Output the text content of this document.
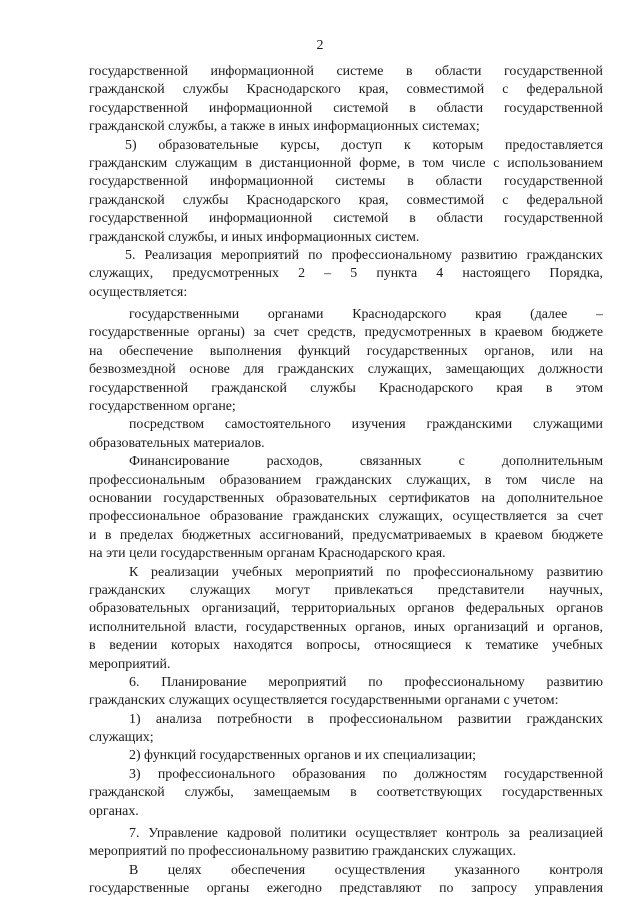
2
государственной информационной системе в области государственной
гражданской службы Краснодарского края, совместимой с федеральной
государственной информационной системой в области государственной
гражданской службы, а также в иных информационных системах;
5) образовательные курсы, доступ к которым предоставляется
гражданским служащим в дистанционной форме, в том числе с использованием
государственной информационной системы в области государственной
гражданской службы Краснодарского края, совместимой с федеральной
государственной информационной системой в области государственной
гражданской службы, и иных информационных систем.
5. Реализация мероприятий по профессиональному развитию гражданских
служащих, предусмотренных 2 – 5 пункта 4 настоящего Порядка,
осуществляется:
государственными органами Краснодарского края (далее –
государственные органы) за счет средств, предусмотренных в краевом бюджете
на обеспечение выполнения функций государственных органов, или на
безвозмездной основе для гражданских служащих, замещающих должности
государственной гражданской службы Краснодарского края в этом
государственном органе;
посредством самостоятельного изучения гражданскими служащими
образовательных материалов.
Финансирование расходов, связанных с дополнительным
профессиональным образованием гражданских служащих, в том числе на
основании государственных образовательных сертификатов на дополнительное
профессиональное образование гражданских служащих, осуществляется за счет
и в пределах бюджетных ассигнований, предусматриваемых в краевом бюджете
на эти цели государственным органам Краснодарского края.
К реализации учебных мероприятий по профессиональному развитию
гражданских служащих могут привлекаться представители научных,
образовательных организаций, территориальных органов федеральных органов
исполнительной власти, государственных органов, иных организаций и органов,
в ведении которых находятся вопросы, относящиеся к тематике учебных
мероприятий.
6. Планирование мероприятий по профессиональному развитию
гражданских служащих осуществляется государственными органами с учетом:
1) анализа потребности в профессиональном развитии гражданских
служащих;
2) функций государственных органов и их специализации;
3) профессионального образования по должностям государственной
гражданской службы, замещаемым в соответствующих государственных
органах.
7. Управление кадровой политики осуществляет контроль за реализацией
мероприятий по профессиональному развитию гражданских служащих.
В целях обеспечения осуществления указанного контроля
государственные органы ежегодно представляют по запросу управления
